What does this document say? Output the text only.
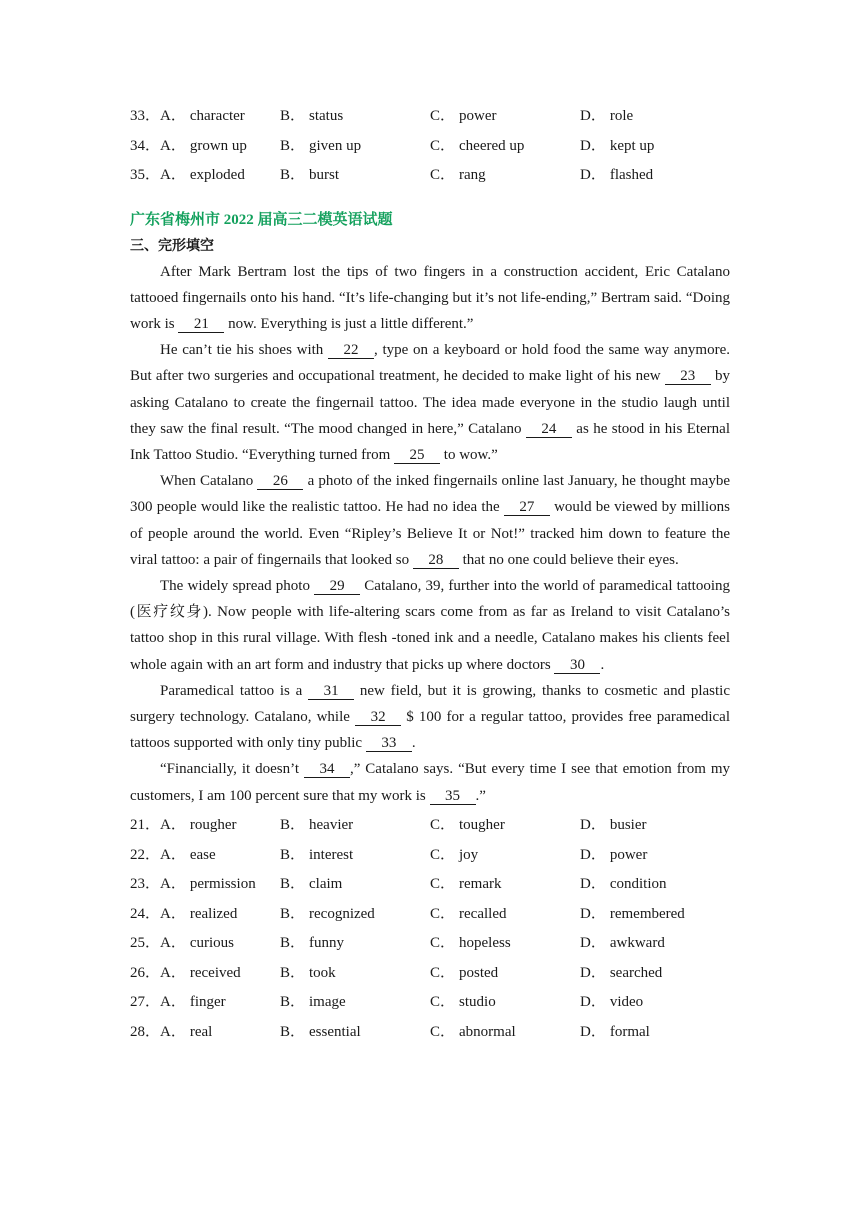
33．A． character	B． status	C． power	D． role
34．A． grown up	B． given up	C． cheered up	D． kept up
35．A． exploded	B． burst	C． rang	D． flashed
广东省梅州市 2022 届高三二模英语试题
三、完形填空

After Mark Bertram lost the tips of two fingers in a construction accident, Eric Catalano tattooed fingernails onto his hand. “It’s life-changing but it’s not life-ending,” Bertram said. “Doing work is 21 now. Everything is just a little different.”

He can’t tie his shoes with 22 , type on a keyboard or hold food the same way anymore. But after two surgeries and occupational treatment, he decided to make light of his new 23 by asking Catalano to create the fingernail tattoo. The idea made everyone in the studio laugh until they saw the final result. “The mood changed in here,” Catalano 24 as he stood in his Eternal Ink Tattoo Studio. “Everything turned from 25 to wow.”

When Catalano 26 a photo of the inked fingernails online last January, he thought maybe 300 people would like the realistic tattoo. He had no idea the 27 would be viewed by millions of people around the world. Even “Ripley’s Believe It or Not!” tracked him down to feature the viral tattoo: a pair of fingernails that looked so 28 that no one could believe their eyes.

The widely spread photo 29 Catalano, 39, further into the world of paramedical tattooing (医疗纹身). Now people with life-altering scars come from as far as Ireland to visit Catalano’s tattoo shop in this rural village. With flesh -toned ink and a needle, Catalano makes his clients feel whole again with an art form and industry that picks up where doctors 30 .

Paramedical tattoo is a 31 new field, but it is growing, thanks to cosmetic and plastic surgery technology. Catalano, while 32 $ 100 for a regular tattoo, provides free paramedical tattoos supported with only tiny public 33 .

“Financially, it doesn’t 34 ,” Catalano says. “But every time I see that emotion from my customers, I am 100 percent sure that my work is 35 .”

21．A． rougher	B． heavier	C． tougher	D． busier
22．A． ease	B． interest	C． joy	D． power
23．A． permission	B． claim	C． remark	D． condition
24．A． realized	B． recognized	C． recalled	D． remembered
25．A． curious	B． funny	C． hopeless	D． awkward
26．A． received	B． took	C． posted	D． searched
27．A． finger	B． image	C． studio	D． video
28．A． real	B． essential	C． abnormal	D． formal
